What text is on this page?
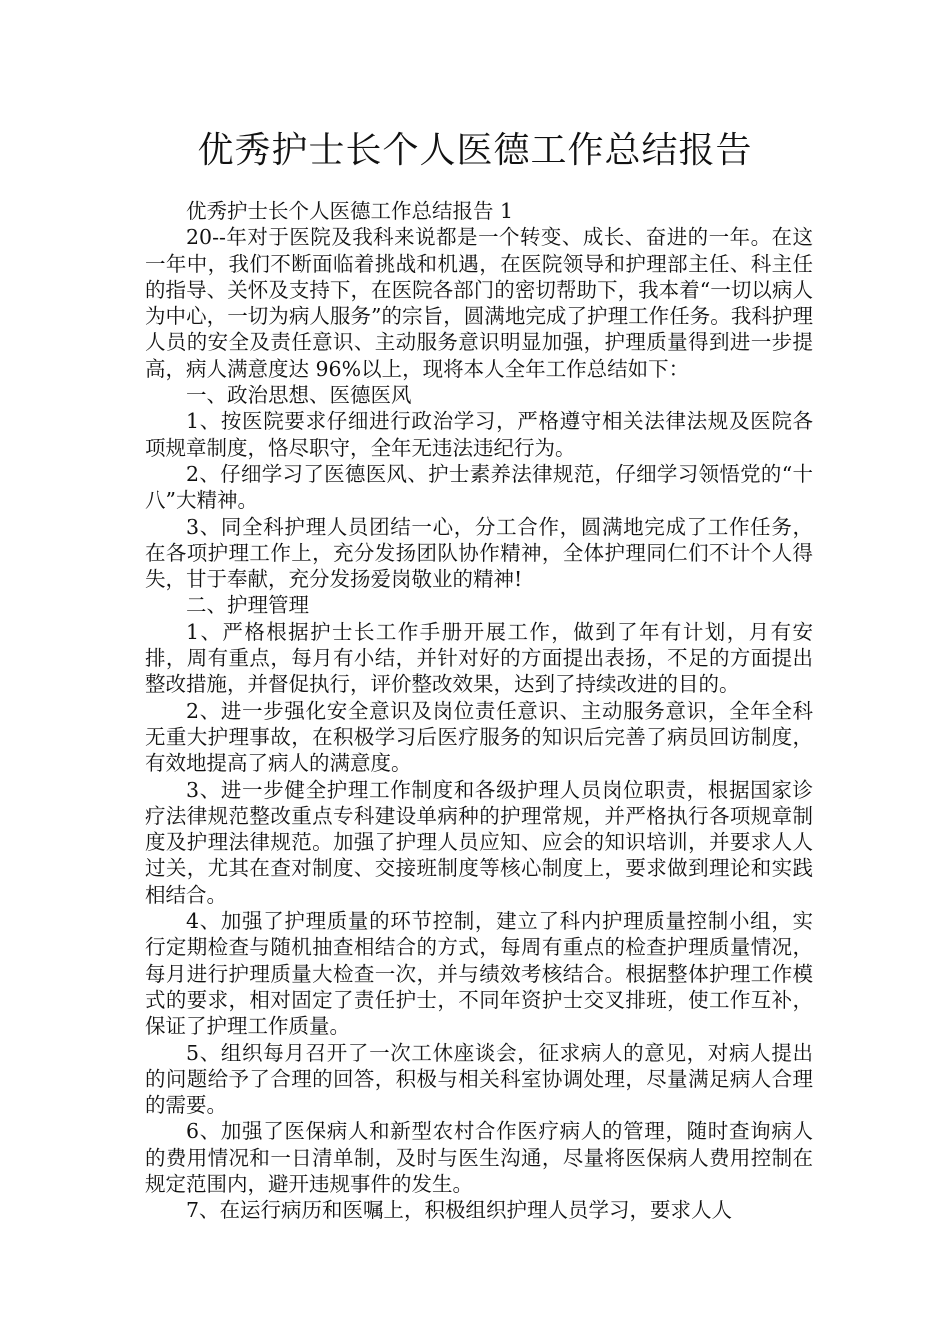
优秀护士长个人医德工作总结报告

优秀护士长个人医德工作总结报告 1

20--年对于医院及我科来说都是一个转变、成长、奋进的一年。在这一年中，我们不断面临着挑战和机遇，在医院领导和护理部主任、科主任的指导、关怀及支持下，在医院各部门的密切帮助下，我本着“一切以病人为中心，一切为病人服务”的宗旨，圆满地完成了护理工作任务。我科护理人员的安全及责任意识、主动服务意识明显加强，护理质量得到进一步提高，病人满意度达 96%以上，现将本人全年工作总结如下：

一、政治思想、医德医风

1、按医院要求仔细进行政治学习，严格遵守相关法律法规及医院各项规章制度，恪尽职守，全年无违法违纪行为。

2、仔细学习了医德医风、护士素养法律规范，仔细学习领悟党的“十八”大精神。

3、同全科护理人员团结一心，分工合作，圆满地完成了工作任务，在各项护理工作上，充分发扬团队协作精神，全体护理同仁们不计个人得失，甘于奉献，充分发扬爱岗敬业的精神!

二、护理管理

1、严格根据护士长工作手册开展工作，做到了年有计划，月有安排，周有重点，每月有小结，并针对好的方面提出表扬，不足的方面提出整改措施，并督促执行，评价整改效果，达到了持续改进的目的。

2、进一步强化安全意识及岗位责任意识、主动服务意识，全年全科无重大护理事故，在积极学习后医疗服务的知识后完善了病员回访制度，有效地提高了病人的满意度。

3、进一步健全护理工作制度和各级护理人员岗位职责，根据国家诊疗法律规范整改重点专科建设单病种的护理常规，并严格执行各项规章制度及护理法律规范。加强了护理人员应知、应会的知识培训，并要求人人过关，尤其在查对制度、交接班制度等核心制度上，要求做到理论和实践相结合。

4、加强了护理质量的环节控制，建立了科内护理质量控制小组，实行定期检查与随机抽查相结合的方式，每周有重点的检查护理质量情况，每月进行护理质量大检查一次，并与绩效考核结合。根据整体护理工作模式的要求，相对固定了责任护士，不同年资护士交叉排班，使工作互补，保证了护理工作质量。

5、组织每月召开了一次工休座谈会，征求病人的意见，对病人提出的问题给予了合理的回答，积极与相关科室协调处理，尽量满足病人合理的需要。

6、加强了医保病人和新型农村合作医疗病人的管理，随时查询病人的费用情况和一日清单制，及时与医生沟通，尽量将医保病人费用控制在规定范围内，避开违规事件的发生。

7、在运行病历和医嘱上，积极组织护理人员学习，要求人人
